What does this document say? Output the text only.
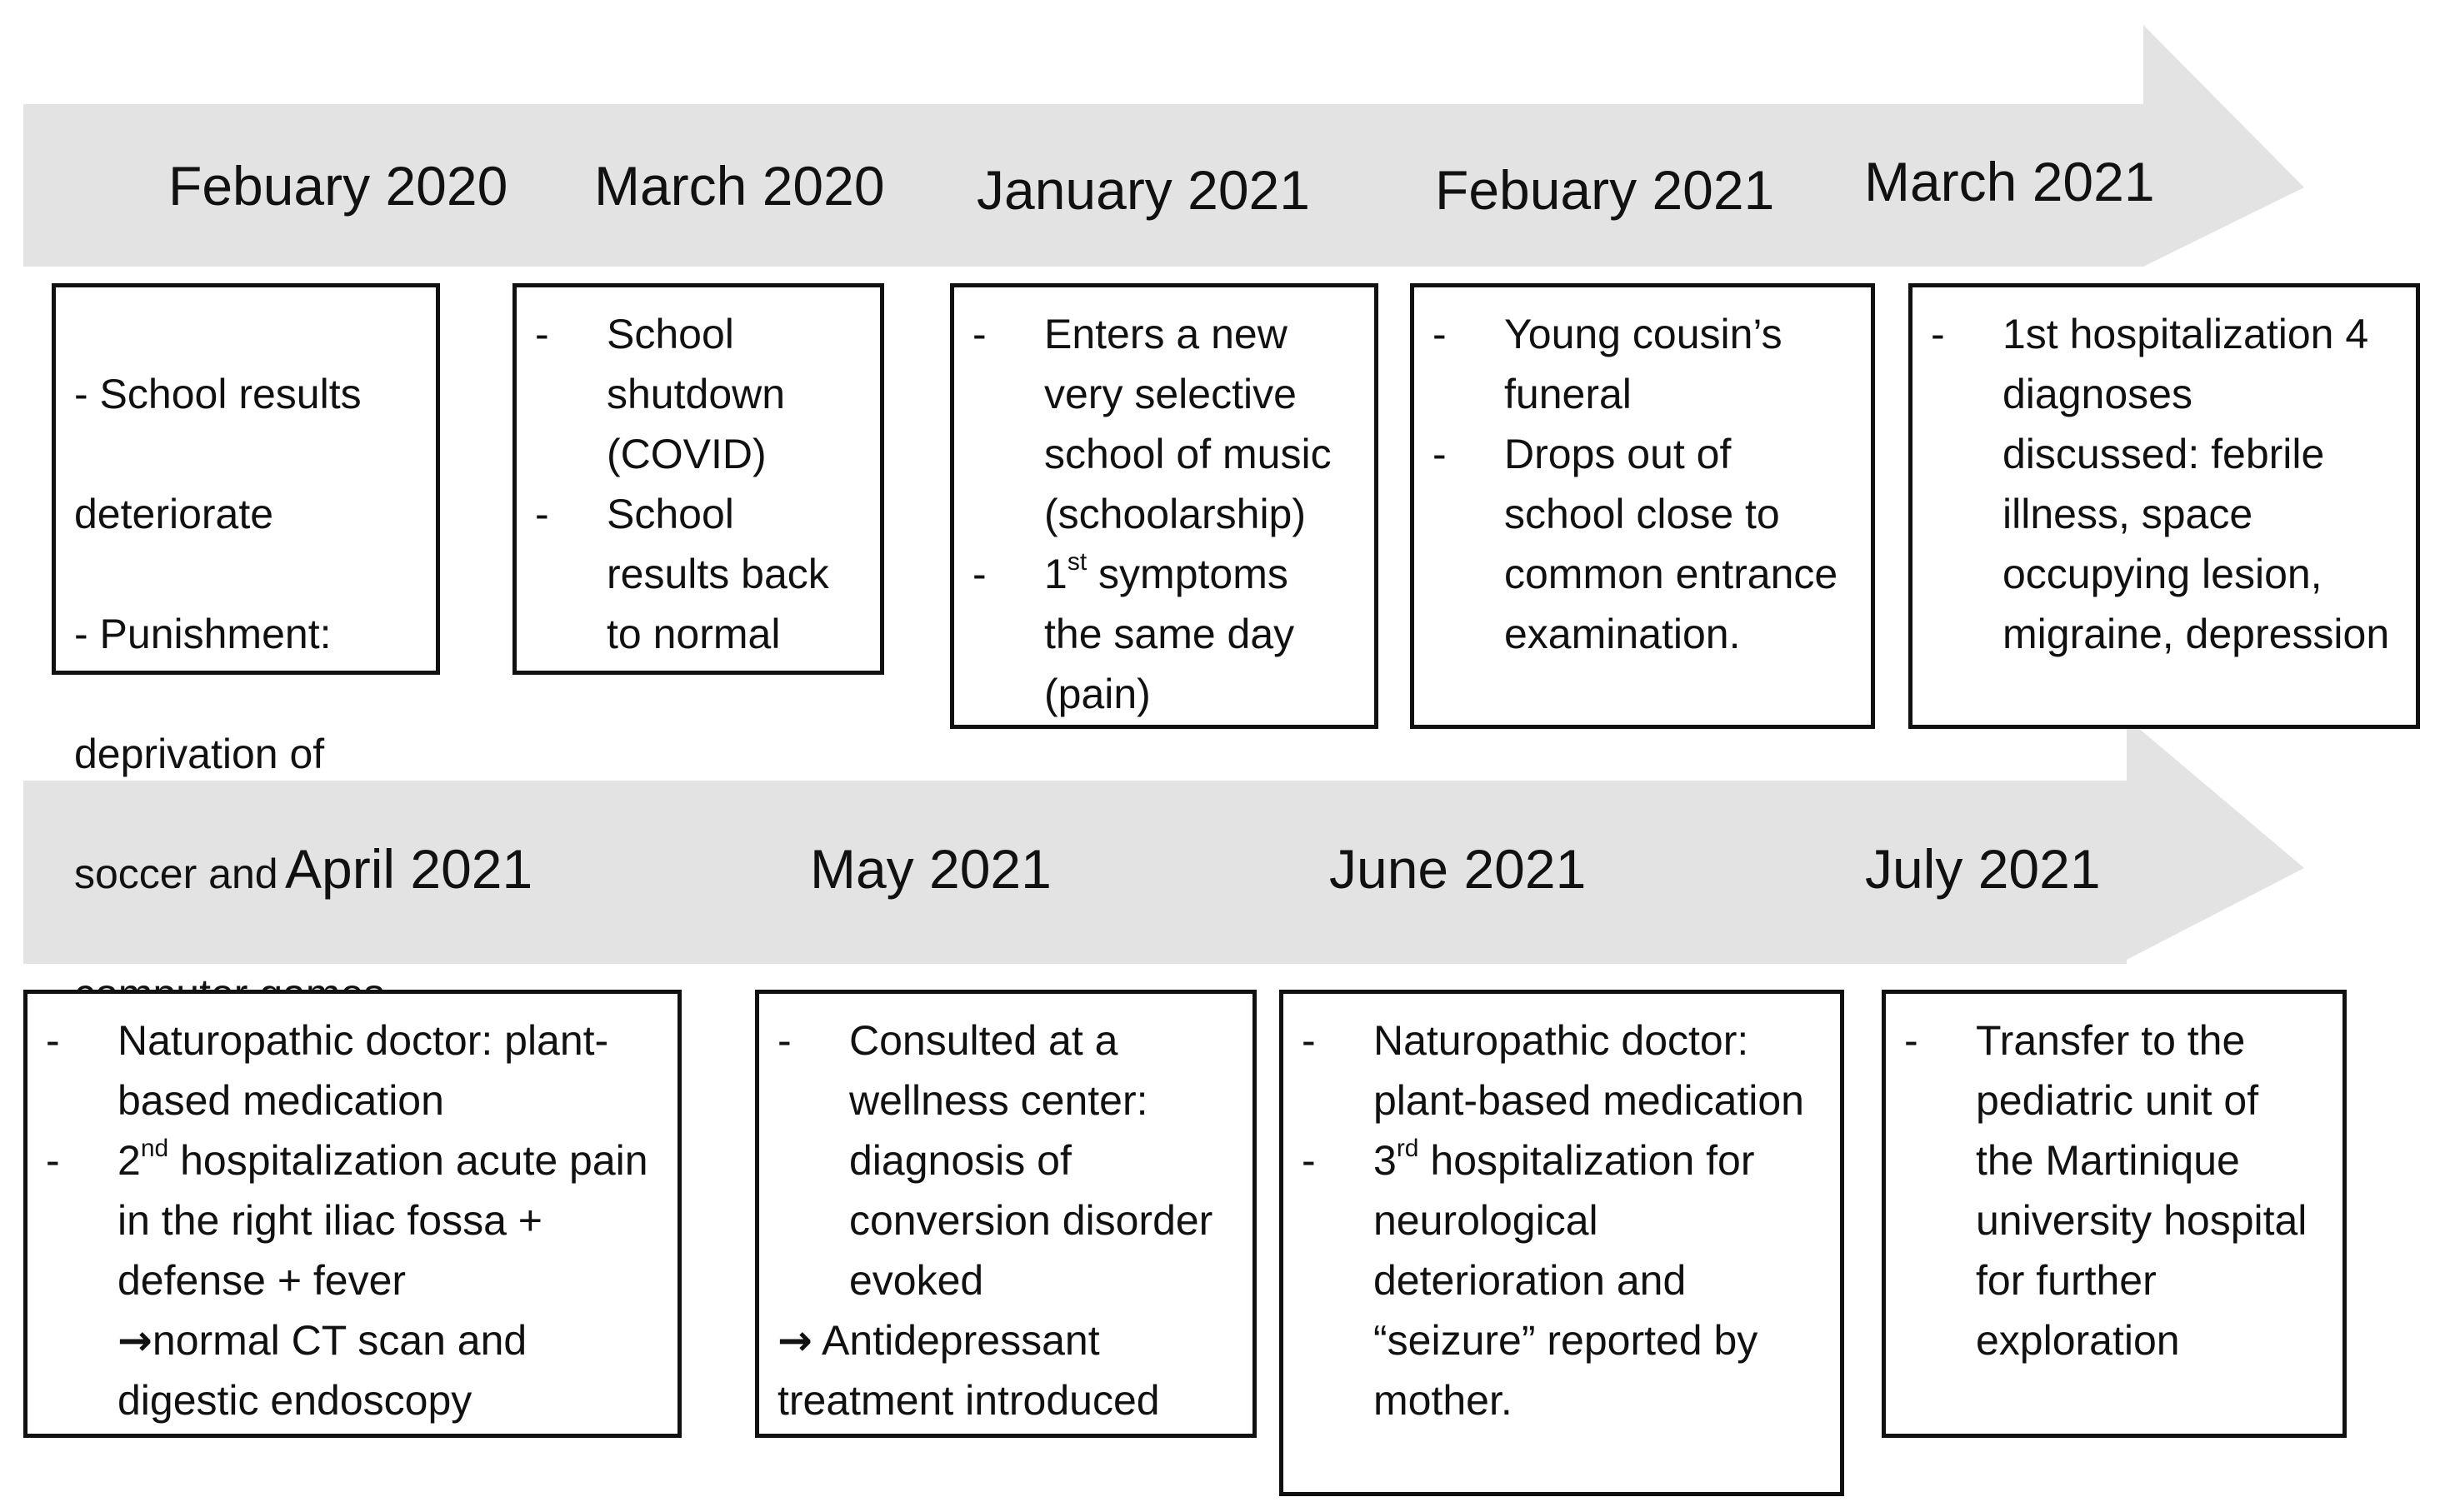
Febuary 2020 March 2020 January 2021 Febuary 2021 March 2021
April 2021	May 2021	June 2021	July 2021

- School results

deteriorate

- Punishment:

deprivation of

soccer and

- School shutdown (COVID)
- School results back to normal
- Enters a new very selective school of music (schoolarship)
- 1st symptoms the same day (pain)
- Young cousin’s funeral
- Drops out of school close to common entrance examination.
- 1st hospitalization 4 diagnoses discussed: febrile illness, space occupying lesion, migraine, depression
- Naturopathic doctor: plant-based medication
- 2nd hospitalization acute pain in the right iliac fossa + defense + fever
→normal CT scan and
digestic endoscopy
- Consulted at a wellness center: diagnosis of conversion disorder evoked
→ Antidepressant
treatment introduced
- Naturopathic doctor: plant-based medication
- 3rd hospitalization for neurological deterioration and “seizure” reported by mother.
- Transfer to the pediatric unit of the Martinique university hospital for further exploration
